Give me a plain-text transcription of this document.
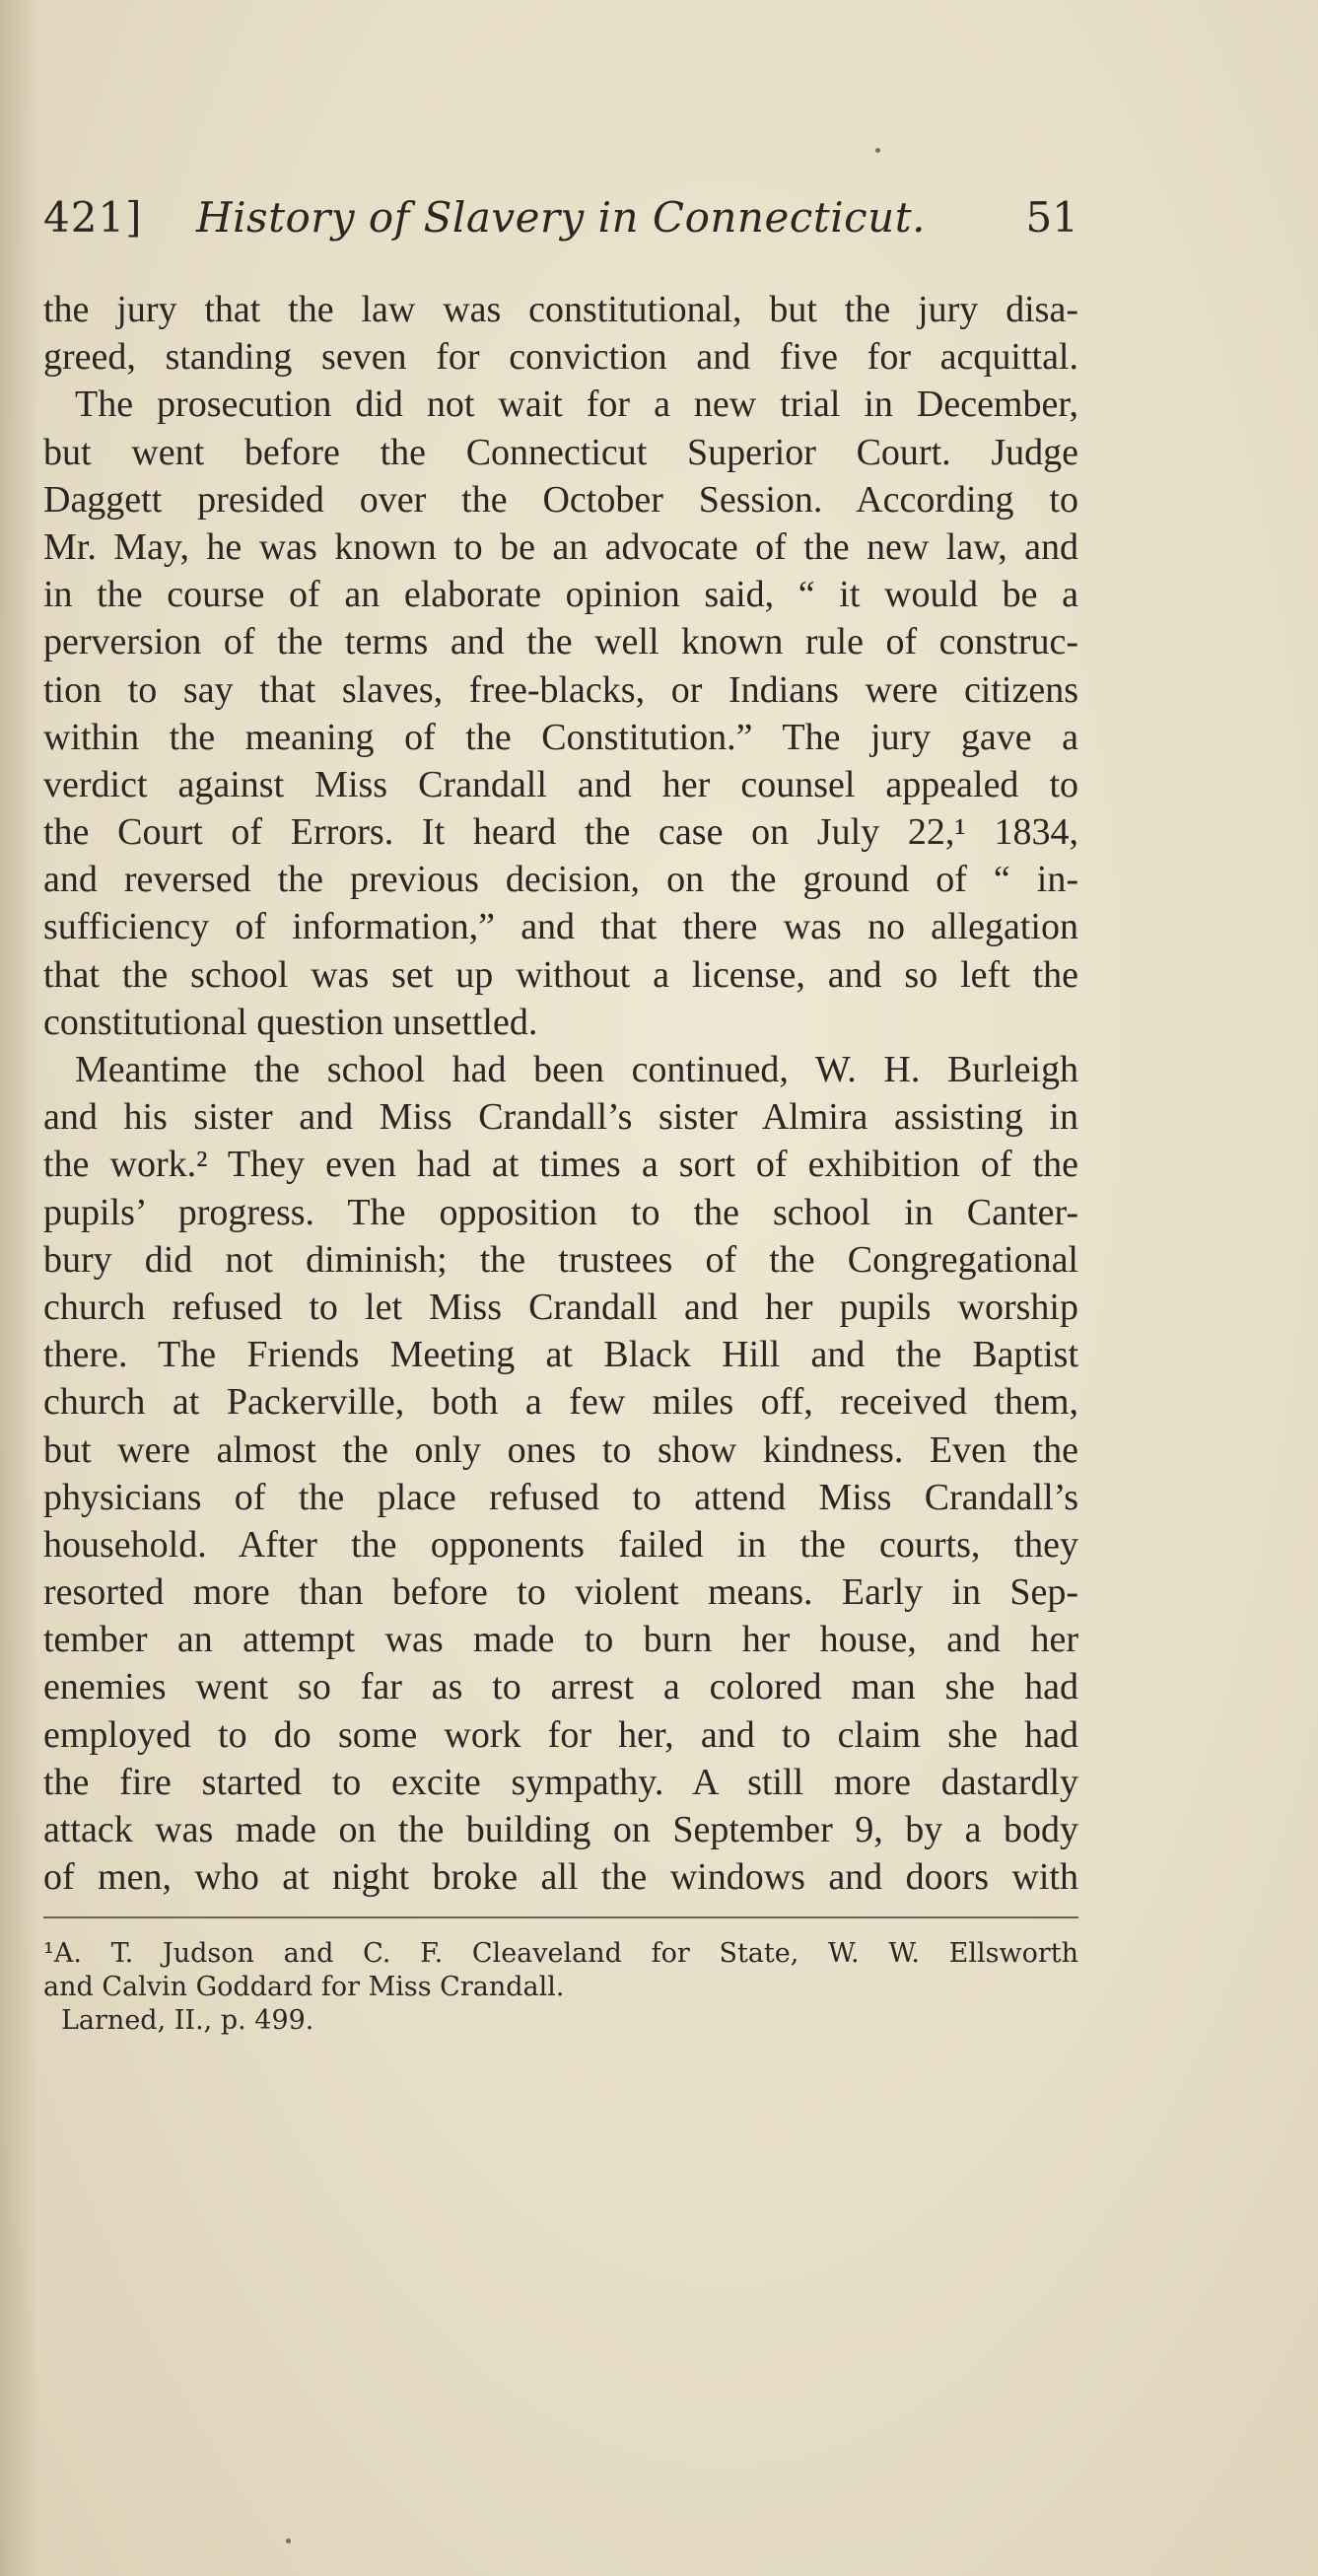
421] History of Slavery in Connecticut. 51
the jury that the law was constitutional, but the jury disa-
greed, standing seven for conviction and five for acquittal.
The prosecution did not wait for a new trial in December,
but went before the Connecticut Superior Court. Judge
Daggett presided over the October Session. According to
Mr. May, he was known to be an advocate of the new law, and
in the course of an elaborate opinion said, “ it would be a
perversion of the terms and the well known rule of construc-
tion to say that slaves, free-blacks, or Indians were citizens
within the meaning of the Constitution.” The jury gave a
verdict against Miss Crandall and her counsel appealed to
the Court of Errors. It heard the case on July 22,¹ 1834,
and reversed the previous decision, on the ground of “ in-
sufficiency of information,” and that there was no allegation
that the school was set up without a license, and so left the
constitutional question unsettled.
Meantime the school had been continued, W. H. Burleigh
and his sister and Miss Crandall’s sister Almira assisting in
the work.² They even had at times a sort of exhibition of the
pupils’ progress. The opposition to the school in Canter-
bury did not diminish; the trustees of the Congregational
church refused to let Miss Crandall and her pupils worship
there. The Friends Meeting at Black Hill and the Baptist
church at Packerville, both a few miles off, received them,
but were almost the only ones to show kindness. Even the
physicians of the place refused to attend Miss Crandall’s
household. After the opponents failed in the courts, they
resorted more than before to violent means. Early in Sep-
tember an attempt was made to burn her house, and her
enemies went so far as to arrest a colored man she had
employed to do some work for her, and to claim she had
the fire started to excite sympathy. A still more dastardly
attack was made on the building on September 9, by a body
of men, who at night broke all the windows and doors with
¹A. T. Judson and C. F. Cleaveland for State, W. W. Ellsworth
and Calvin Goddard for Miss Crandall.
Larned, II., p. 499.
